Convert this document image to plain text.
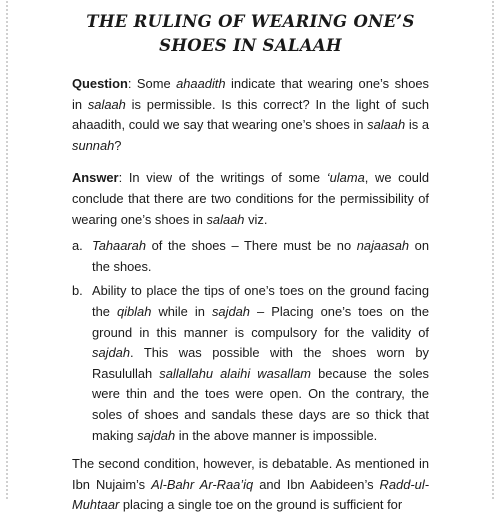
THE RULING OF WEARING ONE’S
SHOES IN SALAAH

Question: Some ahaadith indicate that wearing one’s shoes in salaah is permissible. Is this correct? In the light of such ahaadith, could we say that wearing one’s shoes in salaah is a sunnah?

Answer: In view of the writings of some ‘ulama, we could conclude that there are two conditions for the permissibility of wearing one’s shoes in salaah viz.

a. Tahaarah of the shoes – There must be no najaasah on the shoes.
b. Ability to place the tips of one’s toes on the ground facing the qiblah while in sajdah – Placing one’s toes on the ground in this manner is compulsory for the validity of sajdah. This was possible with the shoes worn by Rasulullah sallallahu alaihi wasallam because the soles were thin and the toes were open. On the contrary, the soles of shoes and sandals these days are so thick that making sajdah in the above manner is impossible.

The second condition, however, is debatable. As mentioned in Ibn Nujaim’s Al-Bahr Ar-Raa’iq and Ibn Aabideen’s Radd-ul-Muhtaar placing a single toe on the ground is sufficient for
